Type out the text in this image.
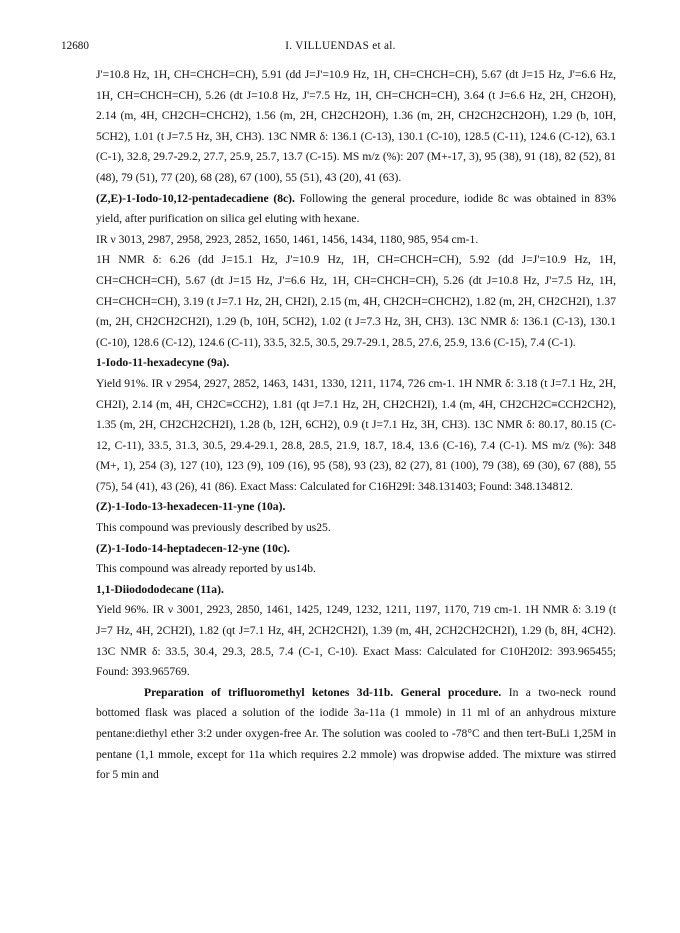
12680	I. VILLUENDAS et al.

J'=10.8 Hz, 1H, CH=CHCH=CH), 5.91 (dd J=J'=10.9 Hz, 1H, CH=CHCH=CH), 5.67 (dt J=15 Hz, J'=6.6 Hz, 1H, CH=CHCH=CH), 5.26 (dt J=10.8 Hz, J'=7.5 Hz, 1H, CH=CHCH=CH), 3.64 (t J=6.6 Hz, 2H, CH2OH), 2.14 (m, 4H, CH2CH=CHCH2), 1.56 (m, 2H, CH2CH2OH), 1.36 (m, 2H, CH2CH2CH2OH), 1.29 (b, 10H, 5CH2), 1.01 (t J=7.5 Hz, 3H, CH3). 13C NMR δ: 136.1 (C-13), 130.1 (C-10), 128.5 (C-11), 124.6 (C-12), 63.1 (C-1), 32.8, 29.7-29.2, 27.7, 25.9, 25.7, 13.7 (C-15). MS m/z (%): 207 (M+-17, 3), 95 (38), 91 (18), 82 (52), 81 (48), 79 (51), 77 (20), 68 (28), 67 (100), 55 (51), 43 (20), 41 (63).

(Z,E)-1-Iodo-10,12-pentadecadiene (8c). Following the general procedure, iodide 8c was obtained in 83% yield, after purification on silica gel eluting with hexane.

IR ν 3013, 2987, 2958, 2923, 2852, 1650, 1461, 1456, 1434, 1180, 985, 954 cm-1.

1H NMR δ: 6.26 (dd J=15.1 Hz, J'=10.9 Hz, 1H, CH=CHCH=CH), 5.92 (dd J=J'=10.9 Hz, 1H, CH=CHCH=CH), 5.67 (dt J=15 Hz, J'=6.6 Hz, 1H, CH=CHCH=CH), 5.26 (dt J=10.8 Hz, J'=7.5 Hz, 1H, CH=CHCH=CH), 3.19 (t J=7.1 Hz, 2H, CH2I), 2.15 (m, 4H, CH2CH=CHCH2), 1.82 (m, 2H, CH2CH2I), 1.37 (m, 2H, CH2CH2CH2I), 1.29 (b, 10H, 5CH2), 1.02 (t J=7.3 Hz, 3H, CH3). 13C NMR δ: 136.1 (C-13), 130.1 (C-10), 128.6 (C-12), 124.6 (C-11), 33.5, 32.5, 30.5, 29.7-29.1, 28.5, 27.6, 25.9, 13.6 (C-15), 7.4 (C-1).

1-Iodo-11-hexadecyne (9a).

Yield 91%. IR ν 2954, 2927, 2852, 1463, 1431, 1330, 1211, 1174, 726 cm-1. 1H NMR δ: 3.18 (t J=7.1 Hz, 2H, CH2I), 2.14 (m, 4H, CH2C≡CCH2), 1.81 (qt J=7.1 Hz, 2H, CH2CH2I), 1.4 (m, 4H, CH2CH2C≡CCH2CH2), 1.35 (m, 2H, CH2CH2CH2I), 1.28 (b, 12H, 6CH2), 0.9 (t J=7.1 Hz, 3H, CH3). 13C NMR δ: 80.17, 80.15 (C-12, C-11), 33.5, 31.3, 30.5, 29.4-29.1, 28.8, 28.5, 21.9, 18.7, 18.4, 13.6 (C-16), 7.4 (C-1). MS m/z (%): 348 (M+, 1), 254 (3), 127 (10), 123 (9), 109 (16), 95 (58), 93 (23), 82 (27), 81 (100), 79 (38), 69 (30), 67 (88), 55 (75), 54 (41), 43 (26), 41 (86). Exact Mass: Calculated for C16H29I: 348.131403; Found: 348.134812.

(Z)-1-Iodo-13-hexadecen-11-yne (10a).

This compound was previously described by us25.

(Z)-1-Iodo-14-heptadecen-12-yne (10c).

This compound was already reported by us14b.

1,1-Diiodododecane (11a).

Yield 96%. IR ν 3001, 2923, 2850, 1461, 1425, 1249, 1232, 1211, 1197, 1170, 719 cm-1. 1H NMR δ: 3.19 (t J=7 Hz, 4H, 2CH2I), 1.82 (qt J=7.1 Hz, 4H, 2CH2CH2I), 1.39 (m, 4H, 2CH2CH2CH2I), 1.29 (b, 8H, 4CH2). 13C NMR δ: 33.5, 30.4, 29.3, 28.5, 7.4 (C-1, C-10). Exact Mass: Calculated for C10H20I2: 393.965455; Found: 393.965769.

Preparation of trifluoromethyl ketones 3d-11b. General procedure. In a two-neck round bottomed flask was placed a solution of the iodide 3a-11a (1 mmole) in 11 ml of an anhydrous mixture pentane:diethyl ether 3:2 under oxygen-free Ar. The solution was cooled to -78°C and then tert-BuLi 1,25M in pentane (1,1 mmole, except for 11a which requires 2.2 mmole) was dropwise added. The mixture was stirred for 5 min and
